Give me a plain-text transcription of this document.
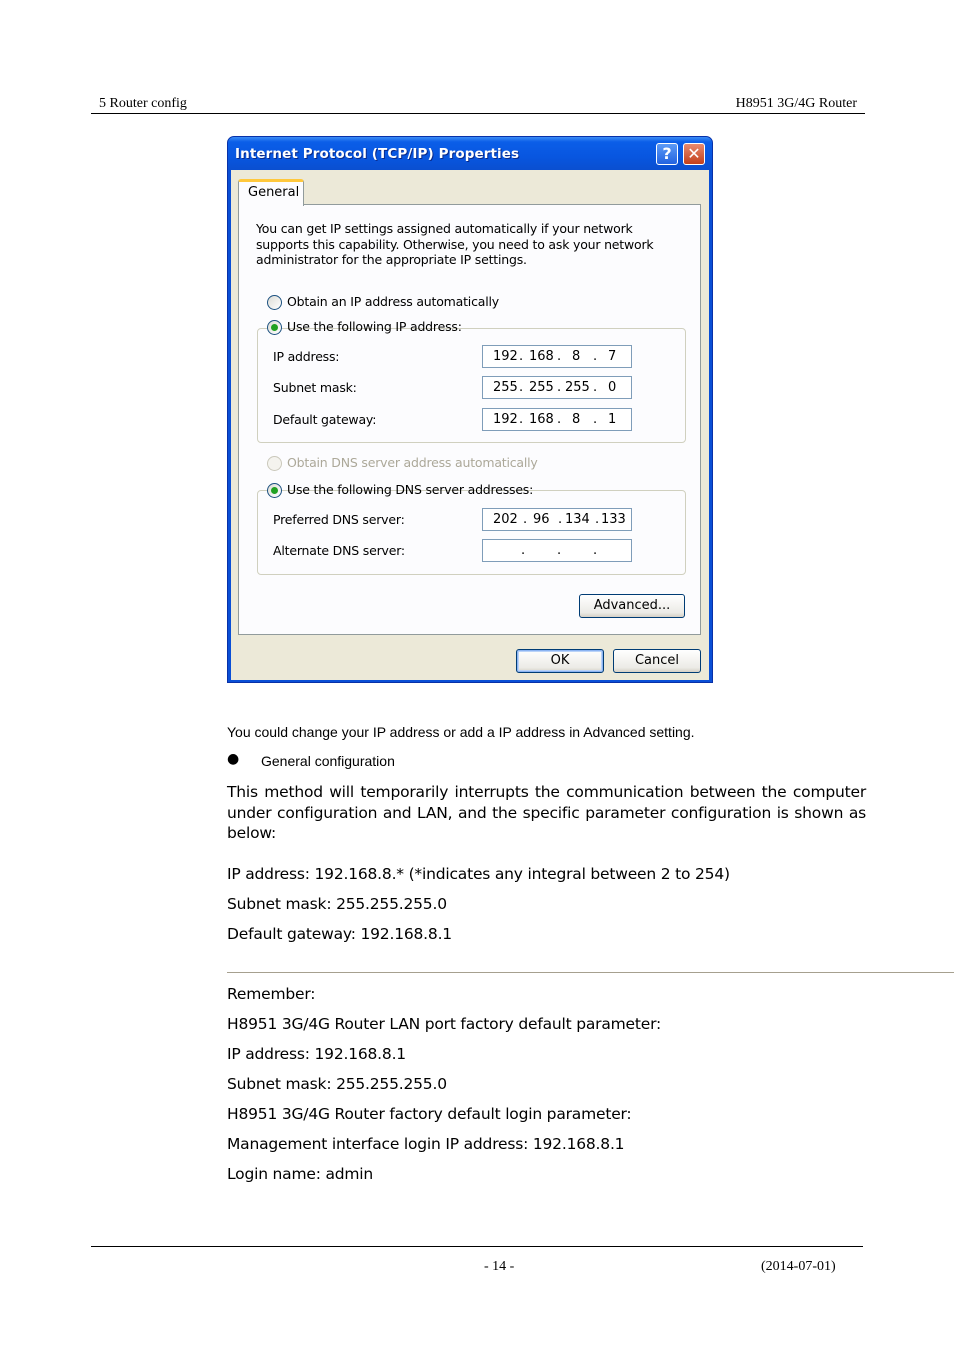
5 Router config	H8951 3G/4G Router
Internet Protocol (TCP/IP) Properties	? ✕
General
You can get IP settings assigned automatically if your network supports this capability. Otherwise, you need to ask your network administrator for the appropriate IP settings.
Obtain an IP address automatically
IP address:	192 . 168 . 8 . 7
Subnet mask:	255 . 255 . 255 . 0
Default gateway:	192 . 168 . 8 . 1
Use the following IP address:
Obtain DNS server address automatically
Preferred DNS server:	202 . 96 . 134 . 133
Alternate DNS server:	. . .
Use the following DNS server addresses:
Advanced...
OK	Cancel
You could change your IP address or add a IP address in Advanced setting.
● General configuration
This method will temporarily interrupts the communication between the computer under configuration and LAN, and the specific parameter configuration is shown as below:
IP address: 192.168.8.* (*indicates any integral between 2 to 254)
Subnet mask: 255.255.255.0
Default gateway: 192.168.8.1
Remember:
H8951 3G/4G Router LAN port factory default parameter:
IP address: 192.168.8.1
Subnet mask: 255.255.255.0
H8951 3G/4G Router factory default login parameter:
Management interface login IP address: 192.168.8.1
Login name: admin
- 14 -	(2014-07-01)
